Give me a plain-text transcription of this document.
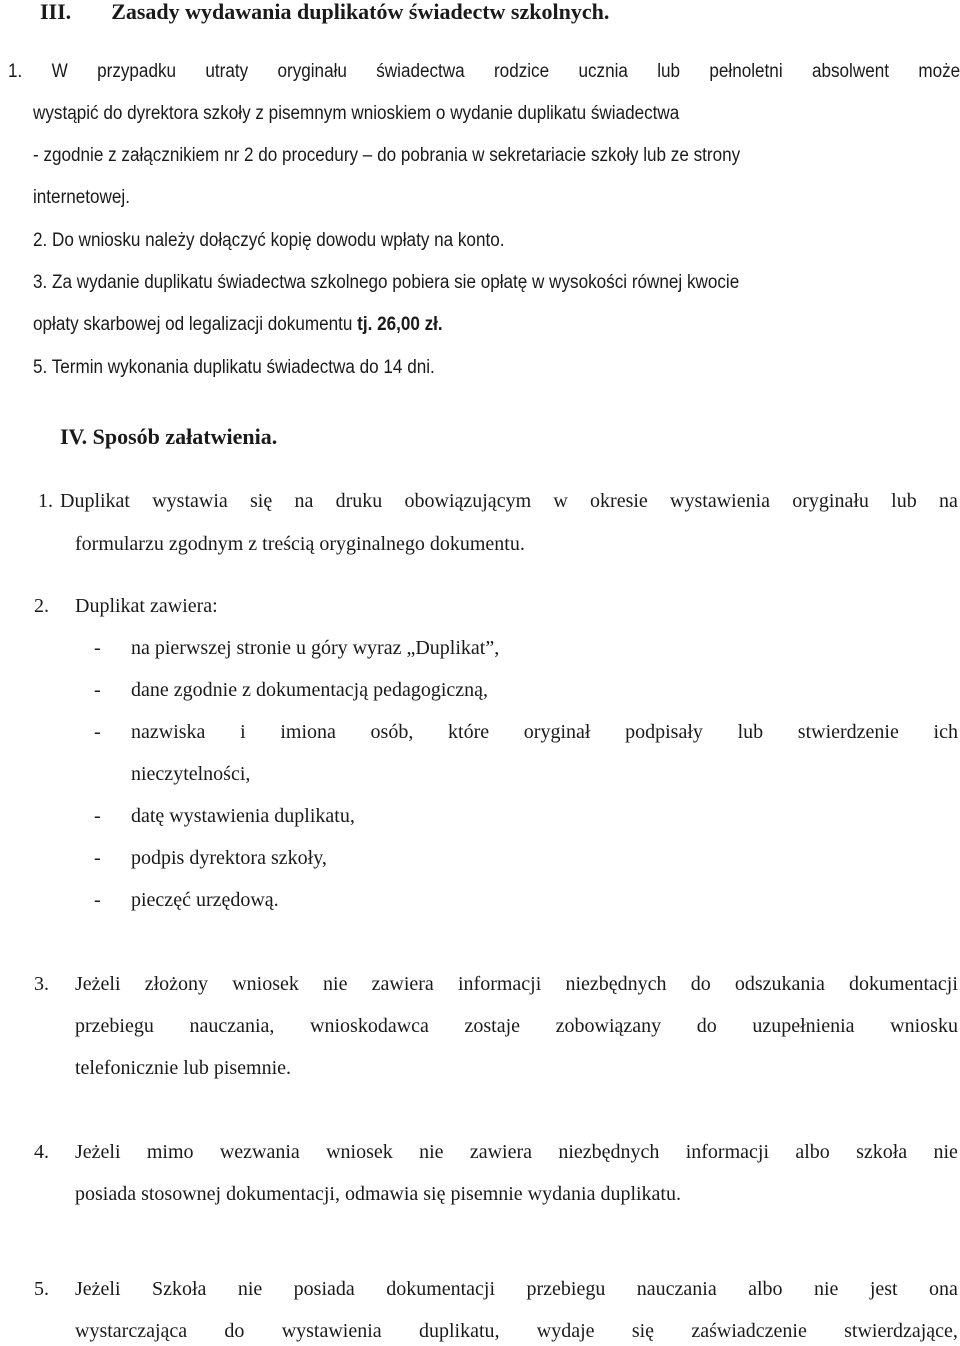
III. Zasady wydawania duplikatów świadectw szkolnych.
1. W przypadku utraty oryginału świadectwa rodzice ucznia lub pełnoletni absolwent może
wystąpić do dyrektora szkoły z pisemnym wnioskiem o wydanie duplikatu świadectwa
- zgodnie z załącznikiem nr 2 do procedury – do pobrania w sekretariacie szkoły lub ze strony
internetowej.
2. Do wniosku należy dołączyć kopię dowodu wpłaty na konto.
3. Za wydanie duplikatu świadectwa szkolnego pobiera sie opłatę w wysokości równej kwocie
opłaty skarbowej od legalizacji dokumentu tj. 26,00 zł.
5. Termin wykonania duplikatu świadectwa do 14 dni.
IV. Sposób załatwienia.
1. Duplikat wystawia się na druku obowiązującym w okresie wystawienia oryginału lub na
formularzu zgodnym z treścią oryginalnego dokumentu.
2. Duplikat zawiera:
- na pierwszej stronie u góry wyraz „Duplikat”,
- dane zgodnie z dokumentacją pedagogiczną,
- nazwiska i imiona osób, które oryginał podpisały lub stwierdzenie ich
nieczytelności,
- datę wystawienia duplikatu,
- podpis dyrektora szkoły,
- pieczęć urzędową.
3. Jeżeli złożony wniosek nie zawiera informacji niezbędnych do odszukania dokumentacji
przebiegu nauczania, wnioskodawca zostaje zobowiązany do uzupełnienia wniosku
telefonicznie lub pisemnie.
4. Jeżeli mimo wezwania wniosek nie zawiera niezbędnych informacji albo szkoła nie
posiada stosownej dokumentacji, odmawia się pisemnie wydania duplikatu.
5. Jeżeli Szkoła nie posiada dokumentacji przebiegu nauczania albo nie jest ona
wystarczająca do wystawienia duplikatu, wydaje się zaświadczenie stwierdzające,
